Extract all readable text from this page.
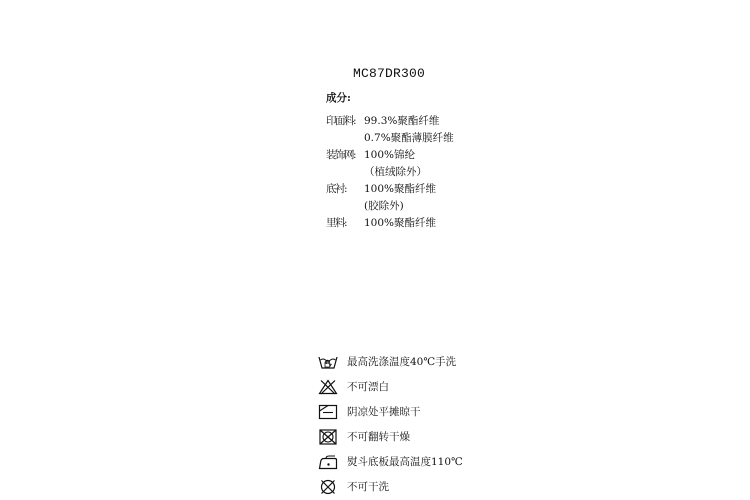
MC87DR300
成分:
印面料: 99.3%聚酯纤维
0.7%聚酯薄膜纤维
装饰网: 100%锦纶
（植绒除外）
底衬:	100%聚酯纤维
(胶除外)
里料:	100%聚酯纤维
最高洗涤温度40℃手洗
不可漂白
阴凉处平摊晾干
不可翻转干燥
熨斗底板最高温度110℃
不可干洗
